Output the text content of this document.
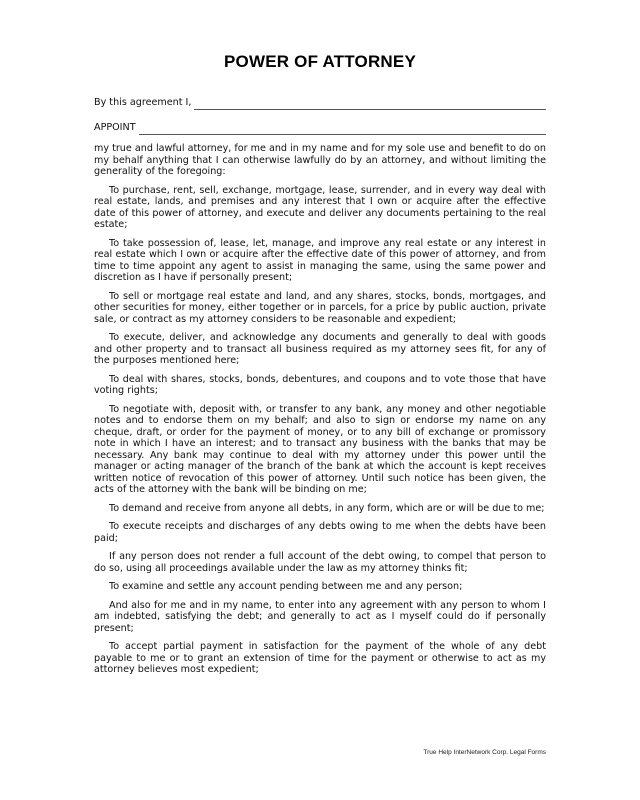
POWER OF ATTORNEY
By this agreement I,
APPOINT

my true and lawful attorney, for me and in my name and for my sole use and benefit to do on my behalf anything that I can otherwise lawfully do by an attorney, and without limiting the generality of the foregoing:

To purchase, rent, sell, exchange, mortgage, lease, surrender, and in every way deal with real estate, lands, and premises and any interest that I own or acquire after the effective date of this power of attorney, and execute and deliver any documents pertaining to the real estate;

To take possession of, lease, let, manage, and improve any real estate or any interest in real estate which I own or acquire after the effective date of this power of attorney, and from time to time appoint any agent to assist in managing the same, using the same power and discretion as I have if personally present;

To sell or mortgage real estate and land, and any shares, stocks, bonds, mortgages, and other securities for money, either together or in parcels, for a price by public auction, private sale, or contract as my attorney considers to be reasonable and expedient;

To execute, deliver, and acknowledge any documents and generally to deal with goods and other property and to transact all business required as my attorney sees fit, for any of the purposes mentioned here;

To deal with shares, stocks, bonds, debentures, and coupons and to vote those that have voting rights;

To negotiate with, deposit with, or transfer to any bank, any money and other negotiable notes and to endorse them on my behalf; and also to sign or endorse my name on any cheque, draft, or order for the payment of money, or to any bill of exchange or promissory note in which I have an interest; and to transact any business with the banks that may be necessary. Any bank may continue to deal with my attorney under this power until the manager or acting manager of the branch of the bank at which the account is kept receives written notice of revocation of this power of attorney. Until such notice has been given, the acts of the attorney with the bank will be binding on me;

To demand and receive from anyone all debts, in any form, which are or will be due to me;

To execute receipts and discharges of any debts owing to me when the debts have been paid;

If any person does not render a full account of the debt owing, to compel that person to do so, using all proceedings available under the law as my attorney thinks fit;

To examine and settle any account pending between me and any person;

And also for me and in my name, to enter into any agreement with any person to whom I am indebted, satisfying the debt; and generally to act as I myself could do if personally present;

To accept partial payment in satisfaction for the payment of the whole of any debt payable to me or to grant an extension of time for the payment or otherwise to act as my attorney believes most expedient;

True Help InterNetwork Corp. Legal Forms
